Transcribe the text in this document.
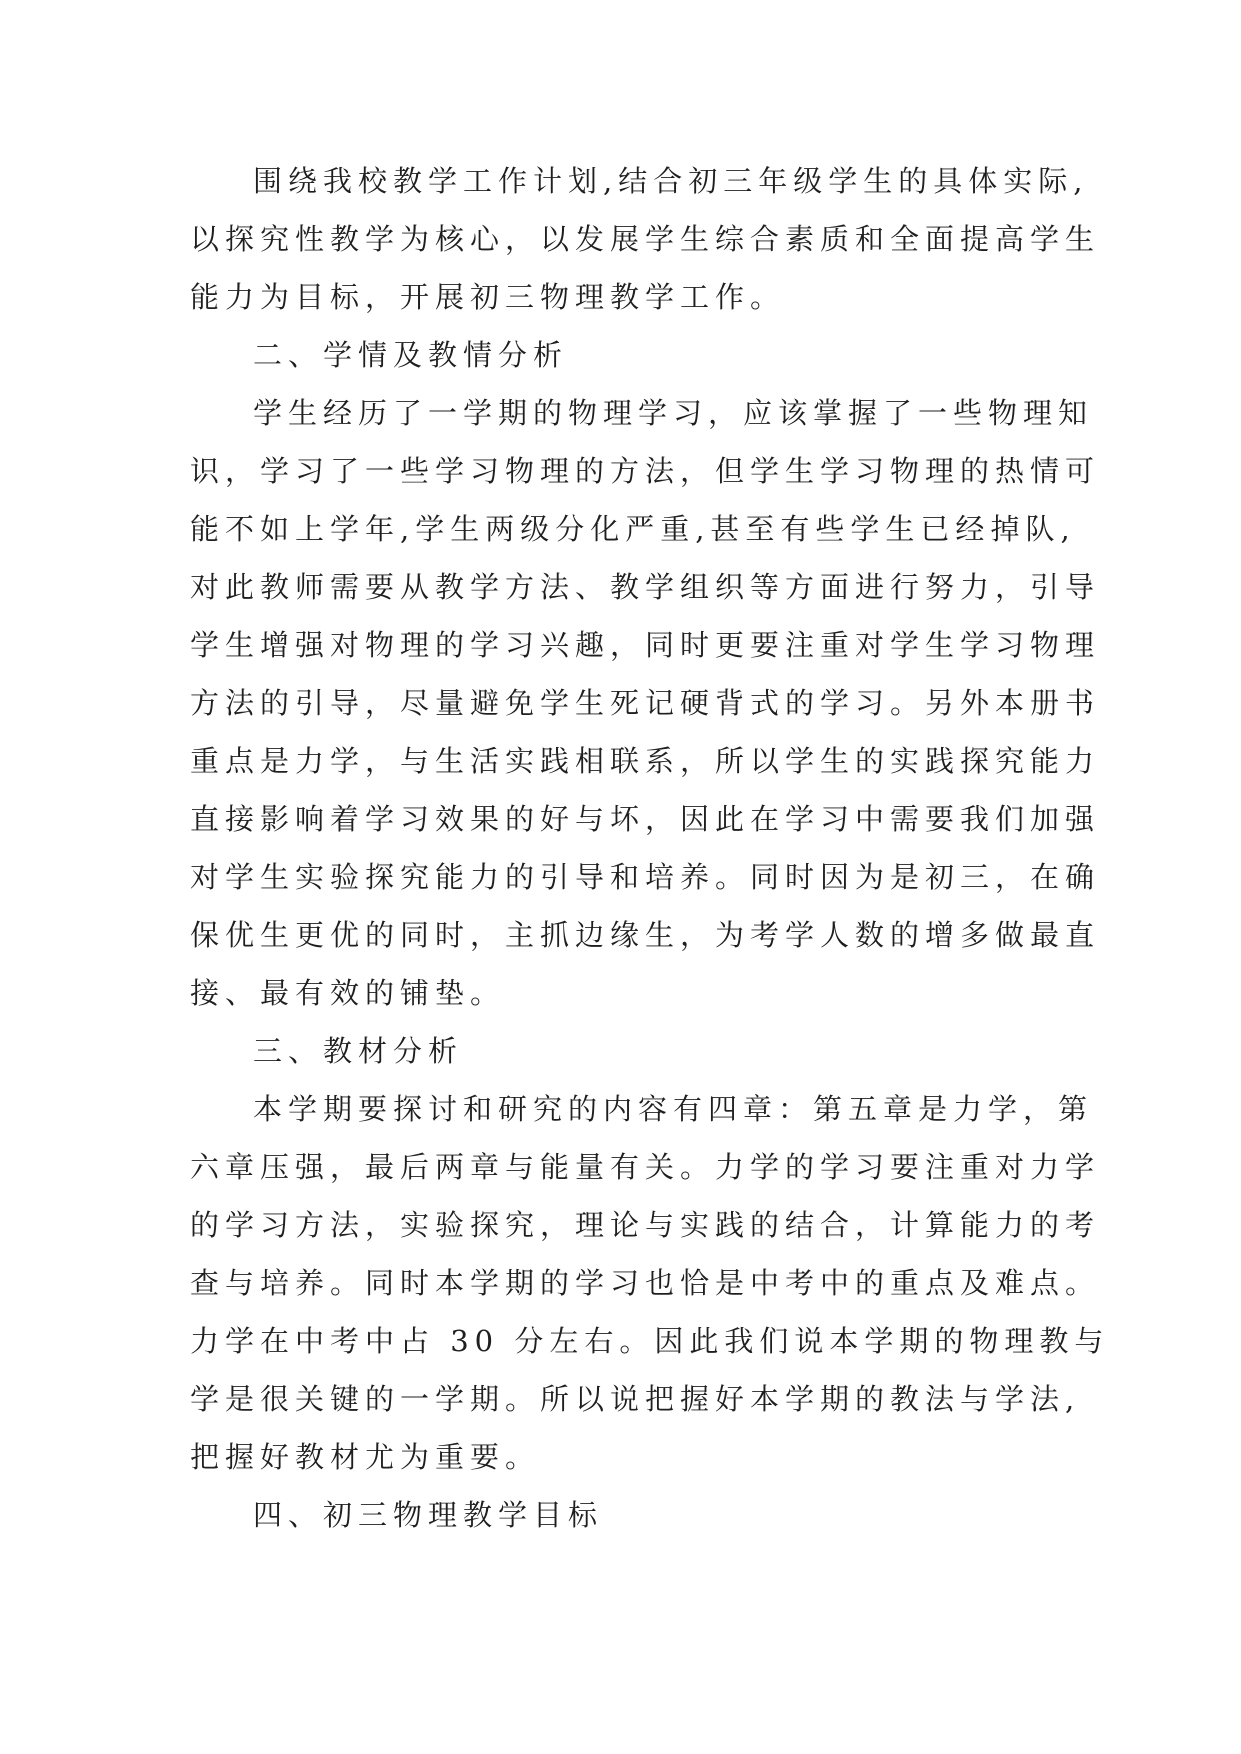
围绕我校教学工作计划,结合初三年级学生的具体实际,
以探究性教学为核心，以发展学生综合素质和全面提高学生
能力为目标，开展初三物理教学工作。
二、学情及教情分析
学生经历了一学期的物理学习，应该掌握了一些物理知
识，学习了一些学习物理的方法，但学生学习物理的热情可
能不如上学年,学生两级分化严重,甚至有些学生已经掉队,
对此教师需要从教学方法、教学组织等方面进行努力，引导
学生增强对物理的学习兴趣，同时更要注重对学生学习物理
方法的引导，尽量避免学生死记硬背式的学习。另外本册书
重点是力学，与生活实践相联系，所以学生的实践探究能力
直接影响着学习效果的好与坏，因此在学习中需要我们加强
对学生实验探究能力的引导和培养。同时因为是初三，在确
保优生更优的同时，主抓边缘生，为考学人数的增多做最直
接、最有效的铺垫。
三、教材分析
本学期要探讨和研究的内容有四章：第五章是力学，第
六章压强，最后两章与能量有关。力学的学习要注重对力学
的学习方法，实验探究，理论与实践的结合，计算能力的考
查与培养。同时本学期的学习也恰是中考中的重点及难点。
力学在中考中占 30 分左右。因此我们说本学期的物理教与
学是很关键的一学期。所以说把握好本学期的教法与学法,
把握好教材尤为重要。
四、初三物理教学目标
